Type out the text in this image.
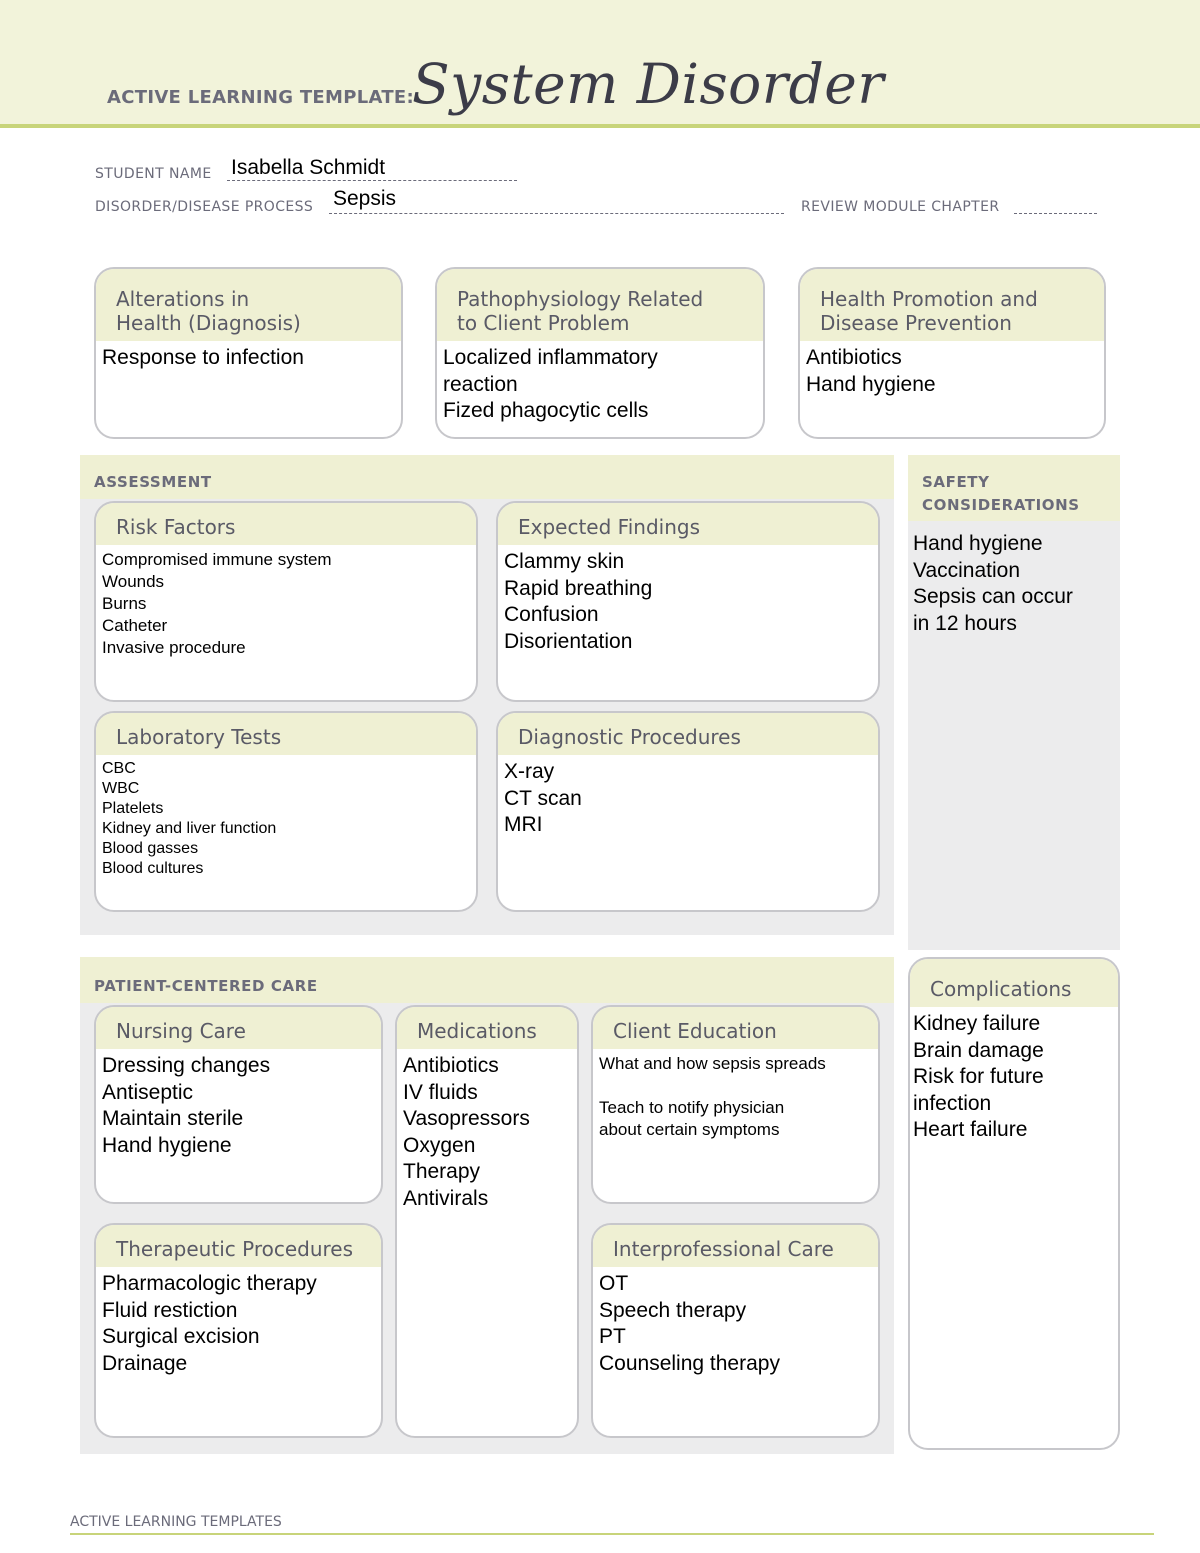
ACTIVE LEARNING TEMPLATE:
System Disorder
STUDENT NAME Isabella Schmidt
DISORDER/DISEASE PROCESS Sepsis	REVIEW MODULE CHAPTER
Alterations in
Health (Diagnosis)
Response to infection
Pathophysiology Related
to Client Problem
Localized inflammatory
reaction
Fized phagocytic cells
Health Promotion and
Disease Prevention
Antibiotics
Hand hygiene
ASSESSMENT
Risk Factors
Compromised immune system
Wounds
Burns
Catheter
Invasive procedure
Expected Findings
Clammy skin
Rapid breathing
Confusion
Disorientation
Laboratory Tests
CBC
WBC
Platelets
Kidney and liver function
Blood gasses
Blood cultures
Diagnostic Procedures
X-ray
CT scan
MRI
SAFETY
CONSIDERATIONS
Hand hygiene
Vaccination
Sepsis can occur
in 12 hours
PATIENT-CENTERED CARE
Nursing Care
Dressing changes
Antiseptic
Maintain sterile
Hand hygiene
Medications
Antibiotics
IV fluids
Vasopressors
Oxygen
Therapy
Antivirals
Client Education
What and how sepsis spreads
Teach to notify physician
about certain symptoms
Therapeutic Procedures
Pharmacologic therapy
Fluid restiction
Surgical excision
Drainage
Interprofessional Care
OT
Speech therapy
PT
Counseling therapy
Complications
Kidney failure
Brain damage
Risk for future
infection
Heart failure
ACTIVE LEARNING TEMPLATES
